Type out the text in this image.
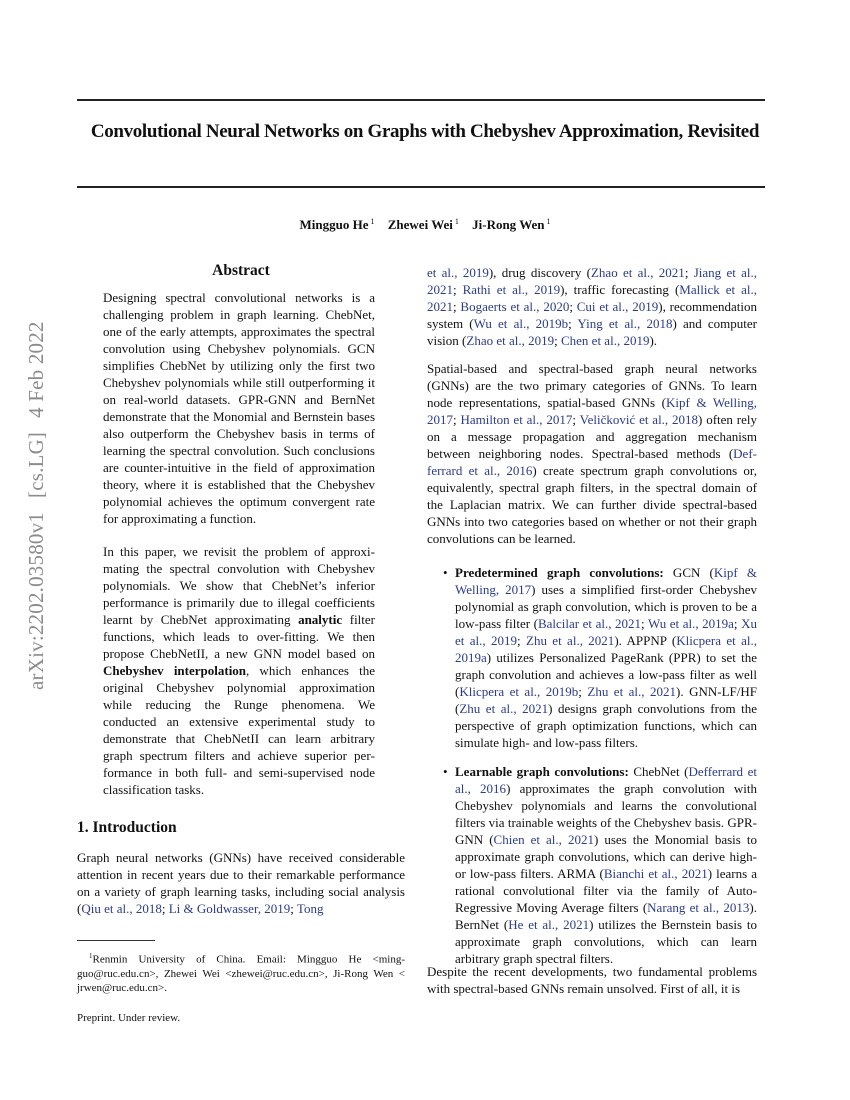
arXiv:2202.03580v1[cs.LG]4 Feb 2022
Convolutional Neural Networks on Graphs with Chebyshev Approximation, Revisited
Mingguo He $^1$ Zhewei Wei $^1$ Ji-Rong Wen $^1$
Abstract
Designing spectral convolutional networks is a challenging problem in graph learning. ChebNet, one of the early attempts, approximates the spectral convolution using Chebyshev polynomials. GCN simplifies ChebNet by utilizing only the first two Chebyshev polynomials while still outperforming it on real-world datasets. GPR-GNN and BernNet demonstrate that the Monomial and Bernstein bases also outperform the Chebyshev basis in terms of learning the spectral convolution. Such conclusions are counter-intuitive in the field of approximation theory, where it is established that the Chebyshev polynomial achieves the optimum convergent rate for approximating a function.
In this paper, we revisit the problem of approximating the spectral convolution with Chebyshev polynomials. We show that ChebNet’s inferior performance is primarily due to illegal coefficients learnt by ChebNet approximating analytic filter functions, which leads to over-fitting. We then propose ChebNetII, a new GNN model based on Chebyshev interpolation, which enhances the original Chebyshev polynomial approximation while reducing the Runge phenomena. We conducted an extensive experimental study to demonstrate that ChebNetII can learn arbitrary graph spectrum filters and achieve superior performance in both full- and semi-supervised node classification tasks.
1. Introduction
Graph neural networks (GNNs) have received considerable attention in recent years due to their remarkable performance on a variety of graph learning tasks, including social analysis (Qiu et al., 2018; Li & Goldwasser, 2019; Tong
$^1$Renmin University of China. Email: Mingguo He <mingguo@ruc.edu.cn>, Zhewei Wei <zhewei@ruc.edu.cn>, Ji-Rong Wen < jrwen@ruc.edu.cn>.
Preprint. Under review.
et al., 2019), drug discovery (Zhao et al., 2021; Jiang et al., 2021; Rathi et al., 2019), traffic forecasting (Mallick et al., 2021; Bogaerts et al., 2020; Cui et al., 2019), recommendation system (Wu et al., 2019b; Ying et al., 2018) and computer vision (Zhao et al., 2019; Chen et al., 2019).
Spatial-based and spectral-based graph neural networks (GNNs) are the two primary categories of GNNs. To learn node representations, spatial-based GNNs (Kipf & Welling, 2017; Hamilton et al., 2017; Veličković et al., 2018) often rely on a message propagation and aggregation mechanism between neighboring nodes. Spectral-based methods (Defferrard et al., 2016) create spectrum graph convolutions or, equivalently, spectral graph filters, in the spectral domain of the Laplacian matrix. We can further divide spectral-based GNNs into two categories based on whether or not their graph convolutions can be learned.
• Predetermined graph convolutions: GCN (Kipf & Welling, 2017) uses a simplified first-order Chebyshev polynomial as graph convolution, which is proven to be a low-pass filter (Balcilar et al., 2021; Wu et al., 2019a; Xu et al., 2019; Zhu et al., 2021). APPNP (Klicpera et al., 2019a) utilizes Personalized PageRank (PPR) to set the graph convolution and achieves a low-pass filter as well (Klicpera et al., 2019b; Zhu et al., 2021). GNN-LF/HF (Zhu et al., 2021) designs graph convolutions from the perspective of graph optimization functions, which can simulate high- and low-pass filters.
• Learnable graph convolutions: ChebNet (Defferrard et al., 2016) approximates the graph convolution with Chebyshev polynomials and learns the convolutional filters via trainable weights of the Chebyshev basis. GPR-GNN (Chien et al., 2021) uses the Monomial basis to approximate graph convolutions, which can derive high- or low-pass filters. ARMA (Bianchi et al., 2021) learns a rational convolutional filter via the family of Auto-Regressive Moving Average filters (Narang et al., 2013). BernNet (He et al., 2021) utilizes the Bernstein basis to approximate graph convolutions, which can learn arbitrary graph spectral filters.
Despite the recent developments, two fundamental problems with spectral-based GNNs remain unsolved. First of all, it is
